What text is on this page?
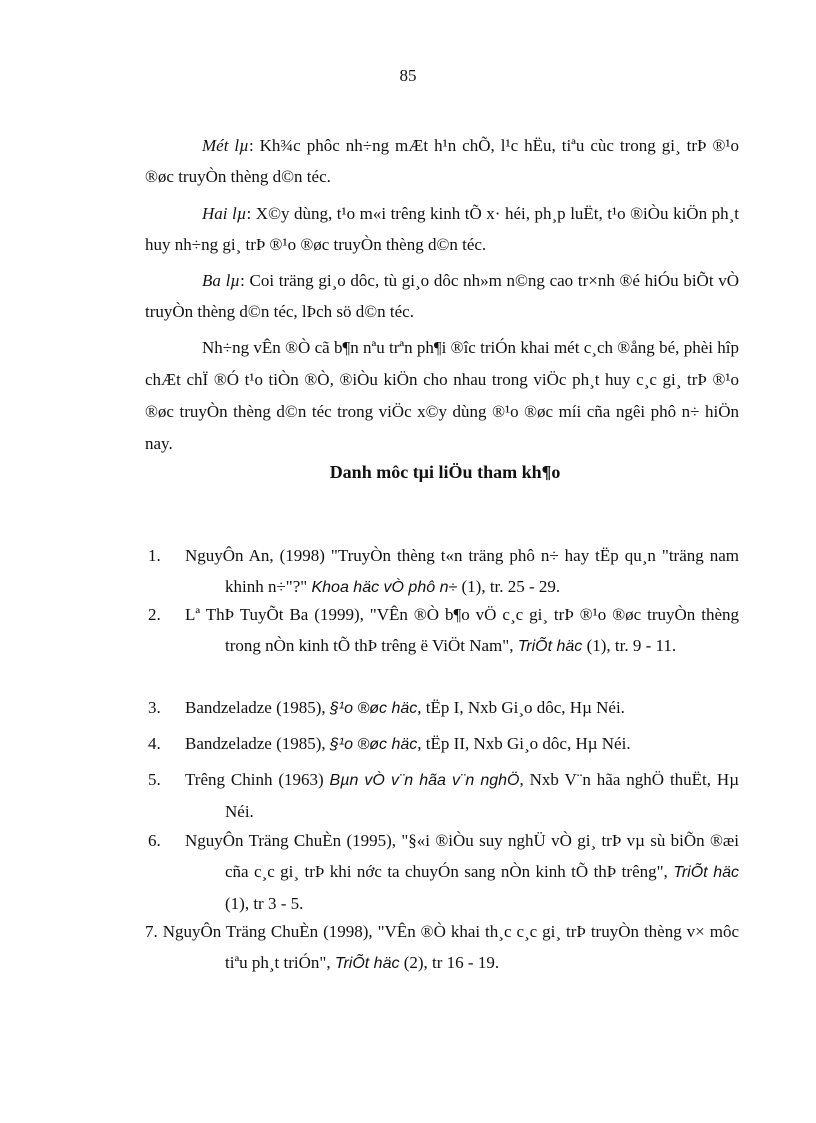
85

Mét lµ: Kh¾c phôc nh÷ng mÆt h¹n chÕ, l¹c hËu, tiªu cùc trong gi¸ trÞ ®¹o ®øc truyÒn thèng d©n téc.

Hai lµ: X©y dùng, t¹o m«i trêng kinh tÕ x· héi, ph¸p luËt, t¹o ®iÒu kiÖn ph¸t huy nh÷ng gi¸ trÞ ®¹o ®øc truyÒn thèng d©n téc.

Ba lµ: Coi träng gi¸o dôc, tù gi¸o dôc nh»m n©ng cao tr×nh ®é hiÓu biÕt vÒ truyÒn thèng d©n téc, lÞch sö d©n téc.

Nh÷ng vÊn ®Ò cã b¶n nªu trªn ph¶i ®îc triÓn khai mét c¸ch ®ång bé, phèi hîp chÆt chÏ ®Ó t¹o tiÒn ®Ò, ®iÒu kiÖn cho nhau trong viÖc ph¸t huy c¸c gi¸ trÞ ®¹o ®øc truyÒn thèng d©n téc trong viÖc x©y dùng ®¹o ®øc míi cña ngêi phô n÷ hiÖn nay.

Danh môc tµi liÖu tham kh¶o
1. NguyÔn An, (1998) "TruyÒn thèng t«n träng phô n÷ hay tËp qu¸n "träng nam khinh n÷"?" Khoa häc vÒ phô n÷ (1), tr. 25 - 29.
2. Lª ThÞ TuyÕt Ba (1999), "VÊn ®Ò b¶o vÖ c¸c gi¸ trÞ ®¹o ®øc truyÒn thèng trong nÒn kinh tÕ thÞ trêng ë ViÖt Nam", TriÕt häc (1), tr. 9 - 11.
3. Bandzeladze (1985), §¹o ®øc häc, tËp I, Nxb Gi¸o dôc, Hµ Néi.
4. Bandzeladze (1985), §¹o ®øc häc, tËp II, Nxb Gi¸o dôc, Hµ Néi.
5. Trêng Chinh (1963) Bµn vÒ v¨n hãa v¨n nghÖ, Nxb V¨n hãa nghÖ thuËt, Hµ Néi.
6. NguyÔn Träng ChuÈn (1995), "§«i ®iÒu suy nghÜ vÒ gi¸ trÞ vµ sù biÕn ®æi cña c¸c gi¸ trÞ khi nớc ta chuyÓn sang nÒn kinh tÕ thÞ trêng", TriÕt häc (1), tr 3 - 5.
7. NguyÔn Träng ChuÈn (1998), "VÊn ®Ò khai th¸c c¸c gi¸ trÞ truyÒn thèng v× môc tiªu ph¸t triÓn", TriÕt häc (2), tr 16 - 19.
